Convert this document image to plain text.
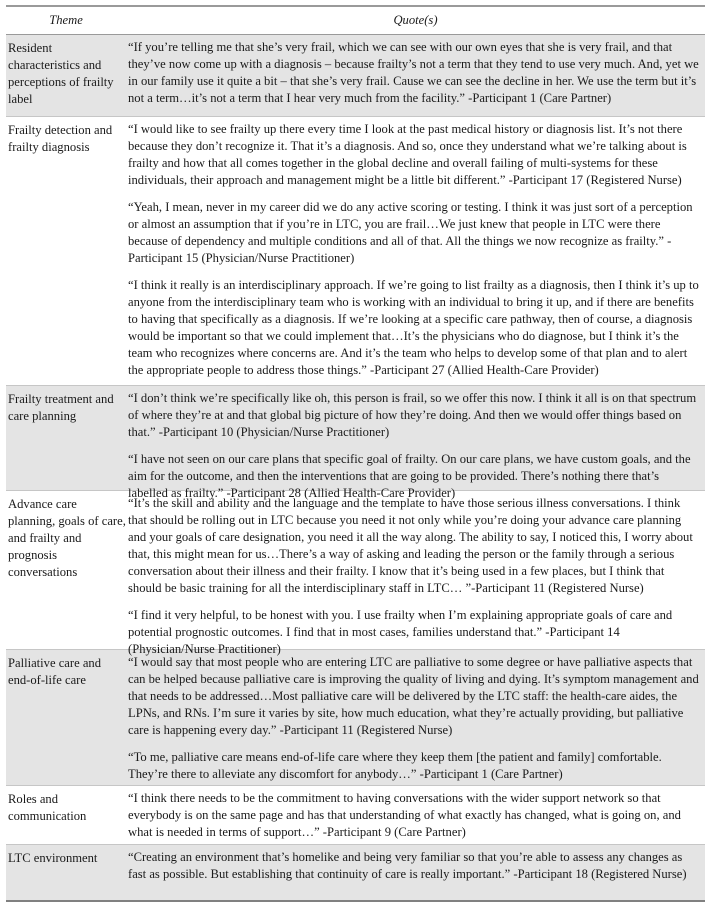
Theme	Quote(s)
Resident characteristics and perceptions of frailty label

“If you’re telling me that she’s very frail, which we can see with our own eyes that she is very frail, and that they’ve now come up with a diagnosis – because frailty’s not a term that they tend to use very much. And, yet we in our family use it quite a bit – that she’s very frail. Cause we can see the decline in her. We use the term but it’s not a term…it’s not a term that I hear very much from the facility.” -Participant 1 (Care Partner)

Frailty detection and frailty diagnosis

“I would like to see frailty up there every time I look at the past medical history or diagnosis list. It’s not there because they don’t recognize it. That it’s a diagnosis. And so, once they understand what we’re talking about is frailty and how that all comes together in the global decline and overall failing of multi-systems for these individuals, their approach and management might be a little bit different.” -Participant 17 (Registered Nurse)

“Yeah, I mean, never in my career did we do any active scoring or testing. I think it was just sort of a perception or almost an assumption that if you’re in LTC, you are frail…We just knew that people in LTC were there because of dependency and multiple conditions and all of that. All the things we now recognize as frailty.” -Participant 15 (Physician/Nurse Practitioner)

“I think it really is an interdisciplinary approach. If we’re going to list frailty as a diagnosis, then I think it’s up to anyone from the interdisciplinary team who is working with an individual to bring it up, and if there are benefits to having that specifically as a diagnosis. If we’re looking at a specific care pathway, then of course, a diagnosis would be important so that we could implement that…It’s the physicians who do diagnose, but I think it’s the team who recognizes where concerns are. And it’s the team who helps to develop some of that plan and to alert the appropriate people to address those things.” -Participant 27 (Allied Health-Care Provider)

Frailty treatment and care planning

“I don’t think we’re specifically like oh, this person is frail, so we offer this now. I think it all is on that spectrum of where they’re at and that global big picture of how they’re doing. And then we would offer things based on that.” -Participant 10 (Physician/Nurse Practitioner)

“I have not seen on our care plans that specific goal of frailty. On our care plans, we have custom goals, and the aim for the outcome, and then the interventions that are going to be provided. There’s nothing there that’s labelled as frailty.” -Participant 28 (Allied Health-Care Provider)

Advance care planning, goals of care, and frailty and prognosis conversations

“It’s the skill and ability and the language and the template to have those serious illness conversations. I think that should be rolling out in LTC because you need it not only while you’re doing your advance care planning and your goals of care designation, you need it all the way along. The ability to say, I noticed this, I worry about that, this might mean for us…There’s a way of asking and leading the person or the family through a serious conversation about their illness and their frailty. I know that it’s being used in a few places, but I think that should be basic training for all the interdisciplinary staff in LTC… ”-Participant 11 (Registered Nurse)

“I find it very helpful, to be honest with you. I use frailty when I’m explaining appropriate goals of care and potential prognostic outcomes. I find that in most cases, families understand that.” -Participant 14 (Physician/Nurse Practitioner)

Palliative care and end-of-life care

“I would say that most people who are entering LTC are palliative to some degree or have palliative aspects that can be helped because palliative care is improving the quality of living and dying. It’s symptom management and that needs to be addressed…Most palliative care will be delivered by the LTC staff: the health-care aides, the LPNs, and RNs. I’m sure it varies by site, how much education, what they’re actually providing, but palliative care is happening every day.” -Participant 11 (Registered Nurse)

“To me, palliative care means end-of-life care where they keep them [the patient and family] comfortable. They’re there to alleviate any discomfort for anybody…” -Participant 1 (Care Partner)

Roles and communication

“I think there needs to be the commitment to having conversations with the wider support network so that everybody is on the same page and has that understanding of what exactly has changed, what is going on, and what is needed in terms of support…” -Participant 9 (Care Partner)

LTC environment	“Creating an environment that’s homelike and being very familiar so that you’re able to assess any changes as fast as possible. But establishing that continuity of care is really important.” -Participant 18 (Registered Nurse)
